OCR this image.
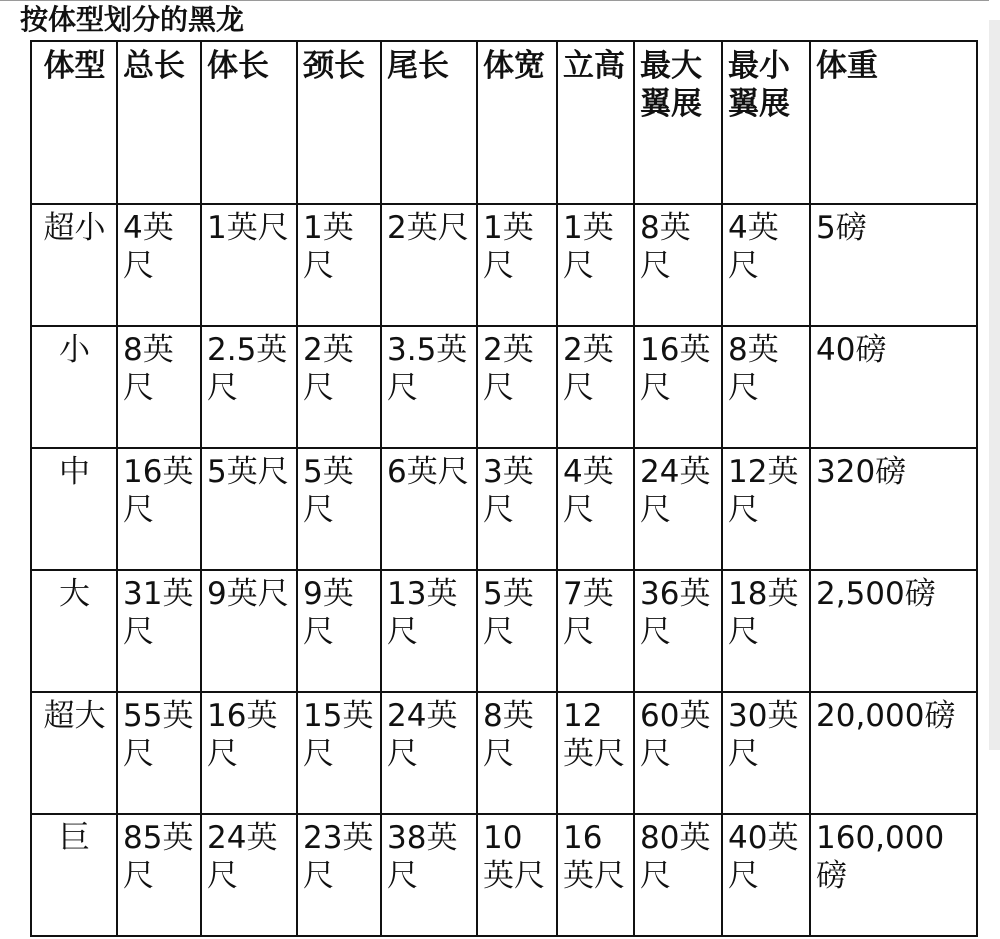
按体型划分的黑龙
体型	总长	体长	颈长	尾长	体宽	立高	最大翼展	最小翼展	体重
超小	4英尺	1英尺	1英尺	2英尺	1英尺	1英尺	8英尺	4英尺	5磅
小	8英尺	2.5英尺	2英尺	3.5英尺	2英尺	2英尺	16英尺	8英尺	40磅
中	16英尺	5英尺	5英尺	6英尺	3英尺	4英尺	24英尺	12英尺	320磅
大	31英尺	9英尺	9英尺	13英尺	5英尺	7英尺	36英尺	18英尺	2,500磅
超大	55英尺	16英尺	15英尺	24英尺	8英尺	12英尺	60英尺	30英尺	20,000磅
巨	85英尺	24英尺	23英尺	38英尺	10英尺	16英尺	80英尺	40英尺	160,000磅
